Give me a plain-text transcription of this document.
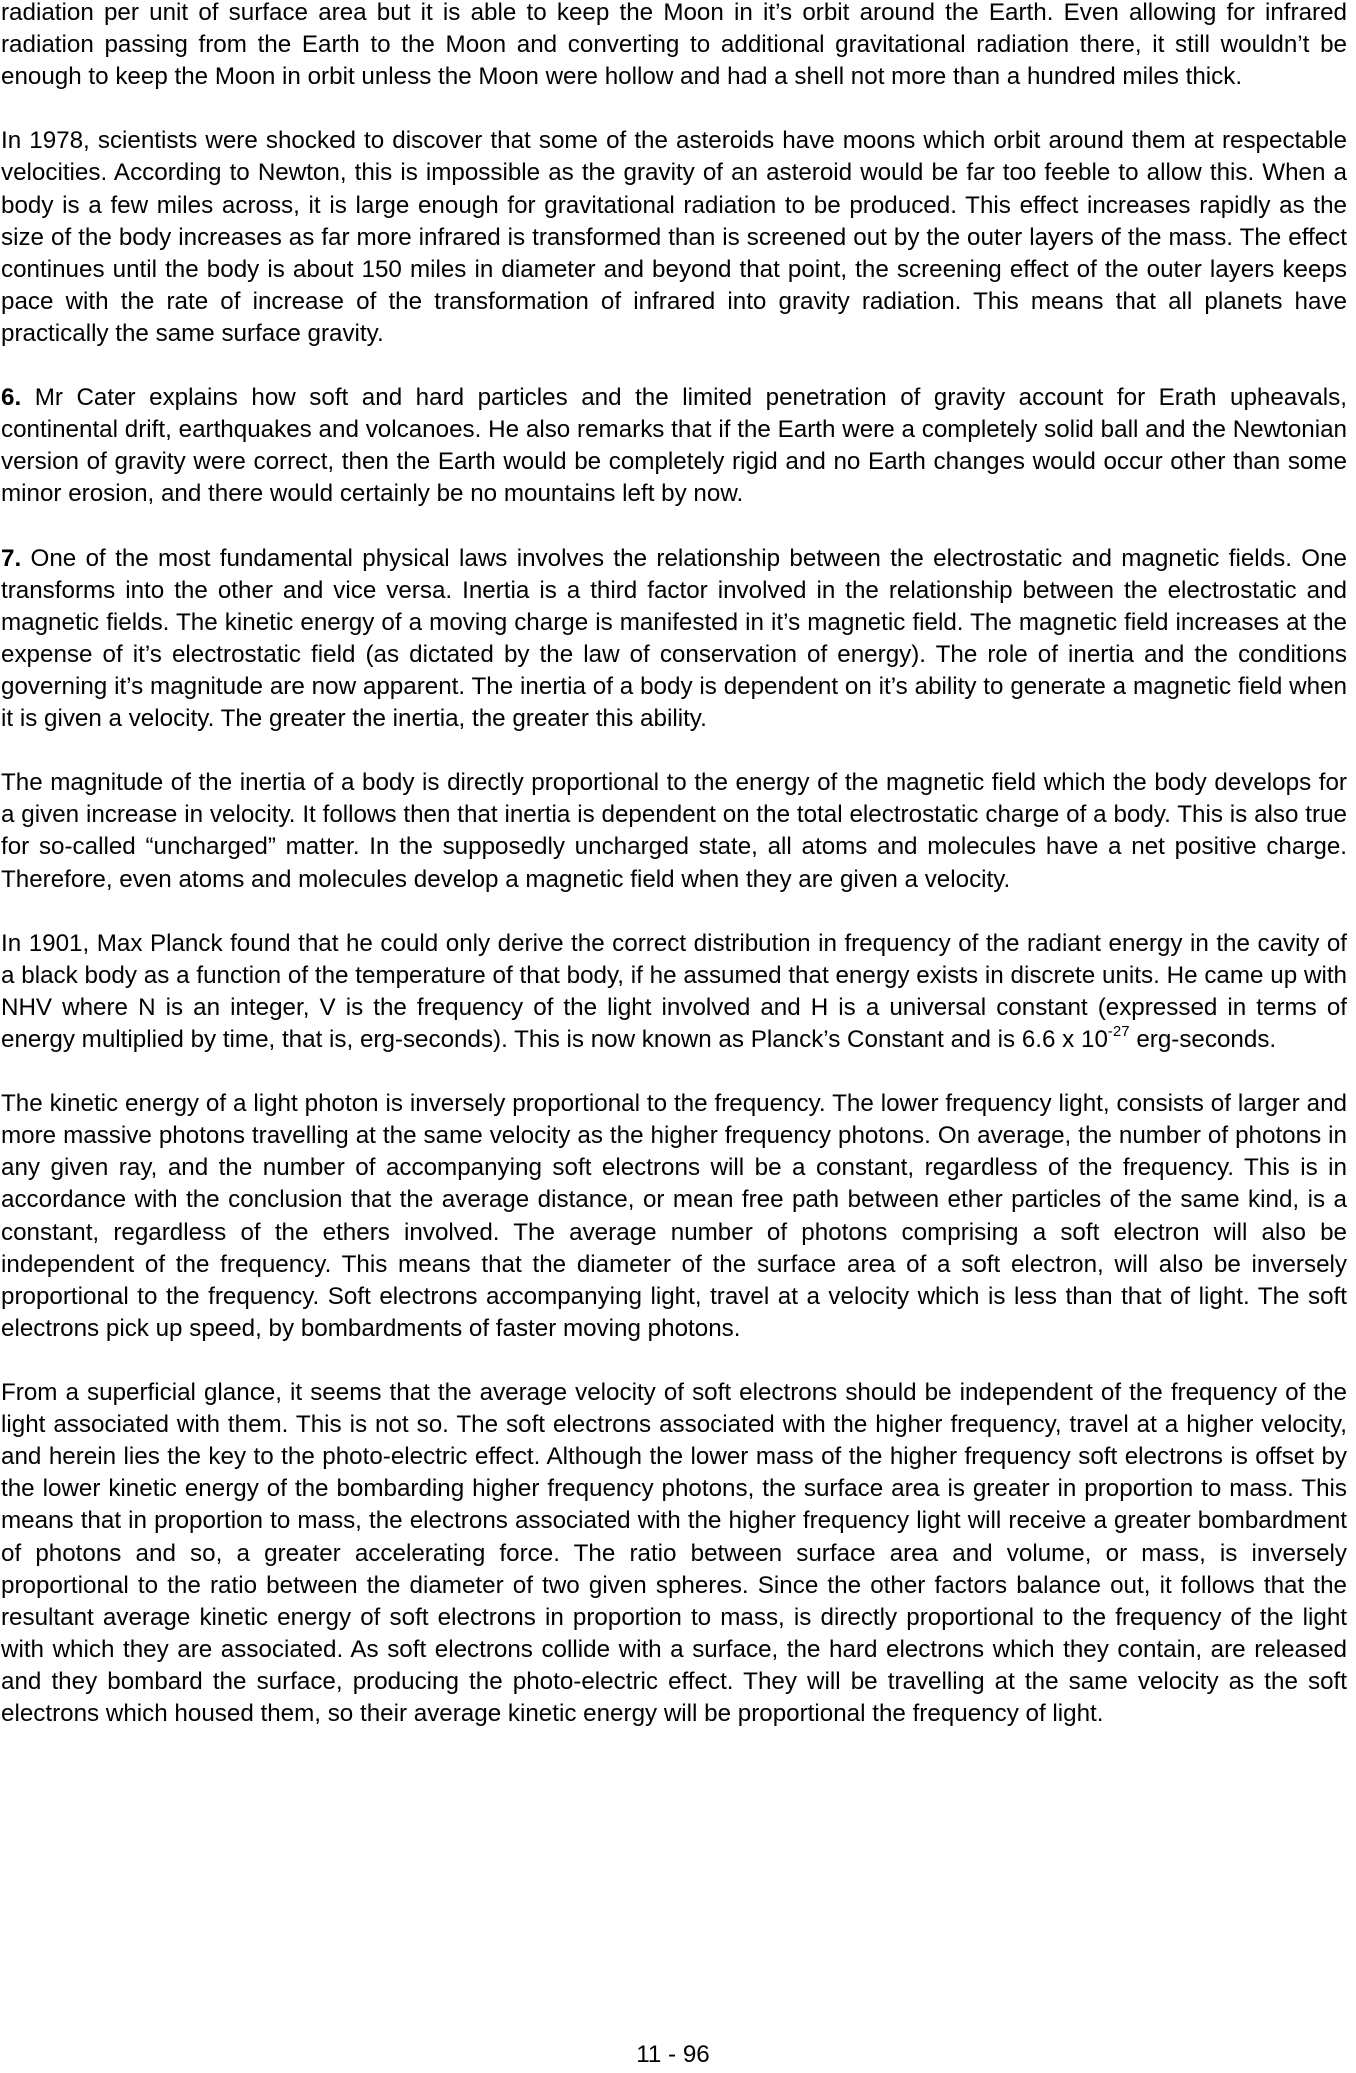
radiation per unit of surface area but it is able to keep the Moon in it’s orbit around the Earth. Even allowing for infrared radiation passing from the Earth to the Moon and converting to additional gravitational radiation there, it still wouldn’t be enough to keep the Moon in orbit unless the Moon were hollow and had a shell not more than a hundred miles thick.

In 1978, scientists were shocked to discover that some of the asteroids have moons which orbit around them at respectable velocities. According to Newton, this is impossible as the gravity of an asteroid would be far too feeble to allow this. When a body is a few miles across, it is large enough for gravitational radiation to be produced. This effect increases rapidly as the size of the body increases as far more infrared is transformed than is screened out by the outer layers of the mass. The effect continues until the body is about 150 miles in diameter and beyond that point, the screening effect of the outer layers keeps pace with the rate of increase of the transformation of infrared into gravity radiation. This means that all planets have practically the same surface gravity.

6. Mr Cater explains how soft and hard particles and the limited penetration of gravity account for Erath upheavals, continental drift, earthquakes and volcanoes. He also remarks that if the Earth were a completely solid ball and the Newtonian version of gravity were correct, then the Earth would be completely rigid and no Earth changes would occur other than some minor erosion, and there would certainly be no mountains left by now.

7. One of the most fundamental physical laws involves the relationship between the electrostatic and magnetic fields. One transforms into the other and vice versa. Inertia is a third factor involved in the relationship between the electrostatic and magnetic fields. The kinetic energy of a moving charge is manifested in it’s magnetic field. The magnetic field increases at the expense of it’s electrostatic field (as dictated by the law of conservation of energy). The role of inertia and the conditions governing it’s magnitude are now apparent. The inertia of a body is dependent on it’s ability to generate a magnetic field when it is given a velocity. The greater the inertia, the greater this ability.

The magnitude of the inertia of a body is directly proportional to the energy of the magnetic field which the body develops for a given increase in velocity. It follows then that inertia is dependent on the total electrostatic charge of a body. This is also true for so-called “uncharged” matter. In the supposedly uncharged state, all atoms and molecules have a net positive charge. Therefore, even atoms and molecules develop a magnetic field when they are given a velocity.

In 1901, Max Planck found that he could only derive the correct distribution in frequency of the radiant energy in the cavity of a black body as a function of the temperature of that body, if he assumed that energy exists in discrete units. He came up with NHV where N is an integer, V is the frequency of the light involved and H is a universal constant (expressed in terms of energy multiplied by time, that is, erg-seconds). This is now known as Planck’s Constant and is 6.6 x $10^{-27}$ erg-seconds.

The kinetic energy of a light photon is inversely proportional to the frequency. The lower frequency light, consists of larger and more massive photons travelling at the same velocity as the higher frequency photons. On average, the number of photons in any given ray, and the number of accompanying soft electrons will be a constant, regardless of the frequency. This is in accordance with the conclusion that the average distance, or mean free path between ether particles of the same kind, is a constant, regardless of the ethers involved. The average number of photons comprising a soft electron will also be independent of the frequency. This means that the diameter of the surface area of a soft electron, will also be inversely proportional to the frequency. Soft electrons accompanying light, travel at a velocity which is less than that of light. The soft electrons pick up speed, by bombardments of faster moving photons.

From a superficial glance, it seems that the average velocity of soft electrons should be independent of the frequency of the light associated with them. This is not so. The soft electrons associated with the higher frequency, travel at a higher velocity, and herein lies the key to the photo-electric effect. Although the lower mass of the higher frequency soft electrons is offset by the lower kinetic energy of the bombarding higher frequency photons, the surface area is greater in proportion to mass. This means that in proportion to mass, the electrons associated with the higher frequency light will receive a greater bombardment of photons and so, a greater accelerating force. The ratio between surface area and volume, or mass, is inversely proportional to the ratio between the diameter of two given spheres. Since the other factors balance out, it follows that the resultant average kinetic energy of soft electrons in proportion to mass, is directly proportional to the frequency of the light with which they are associated. As soft electrons collide with a surface, the hard electrons which they contain, are released and they bombard the surface, producing the photo-electric effect. They will be travelling at the same velocity as the soft electrons which housed them, so their average kinetic energy will be proportional the frequency of light.

11 - 96
